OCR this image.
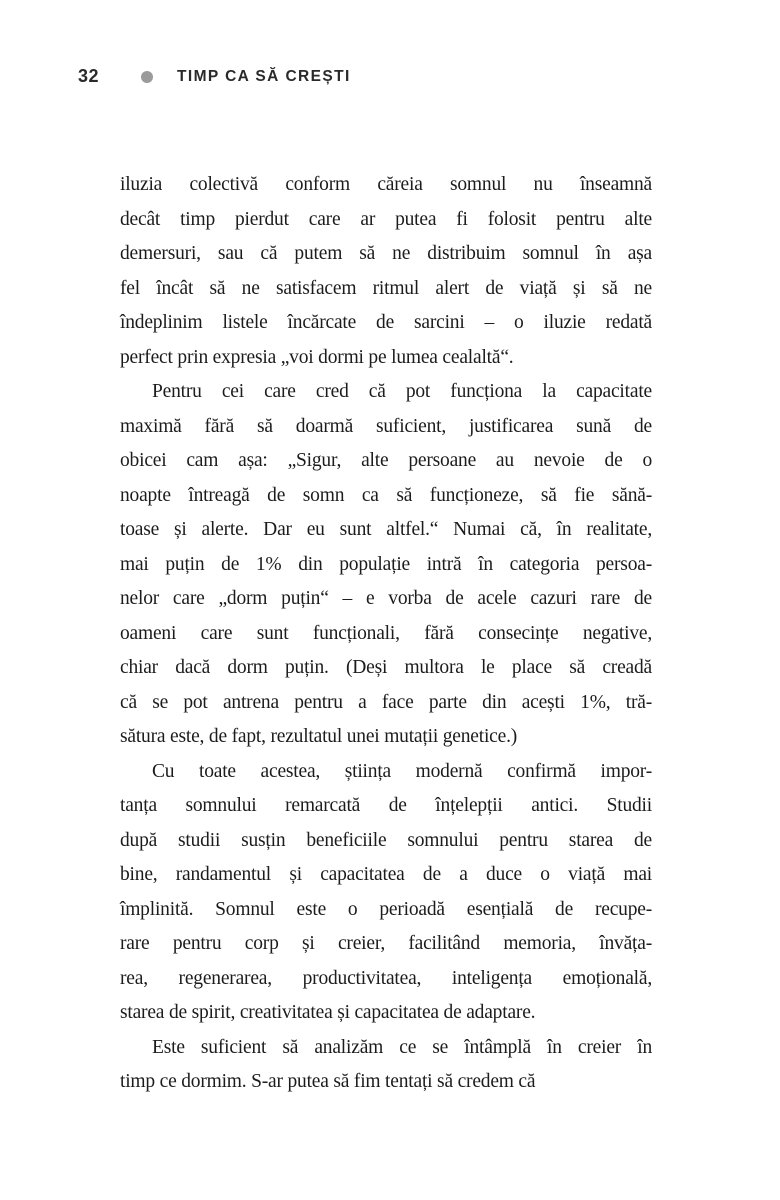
32	TIMP CA SĂ CREȘTI
iluzia colectivă conform căreia somnul nu înseamnă
decât timp pierdut care ar putea fi folosit pentru alte
demersuri, sau că putem să ne distribuim somnul în așa
fel încât să ne satisfacem ritmul alert de viață și să ne
îndeplinim listele încărcate de sarcini – o iluzie redată
perfect prin expresia „voi dormi pe lumea cealaltă“.
Pentru cei care cred că pot funcționa la capacitate
maximă fără să doarmă suficient, justificarea sună de
obicei cam așa: „Sigur, alte persoane au nevoie de o
noapte întreagă de somn ca să funcționeze, să fie sănă-
toase și alerte. Dar eu sunt altfel.“ Numai că, în realitate,
mai puțin de 1% din populație intră în categoria persoa-
nelor care „dorm puțin“ – e vorba de acele cazuri rare de
oameni care sunt funcționali, fără consecințe negative,
chiar dacă dorm puțin. (Deși multora le place să creadă
că se pot antrena pentru a face parte din acești 1%, tră-
sătura este, de fapt, rezultatul unei mutații genetice.)
Cu toate acestea, știința modernă confirmă impor-
tanța somnului remarcată de înțelepții antici. Studii
după studii susțin beneficiile somnului pentru starea de
bine, randamentul și capacitatea de a duce o viață mai
împlinită. Somnul este o perioadă esențială de recupe-
rare pentru corp și creier, facilitând memoria, învăța-
rea, regenerarea, productivitatea, inteligența emoțională,
starea de spirit, creativitatea și capacitatea de adaptare.
Este suficient să analizăm ce se întâmplă în creier în
timp ce dormim. S-ar putea să fim tentați să credem că
